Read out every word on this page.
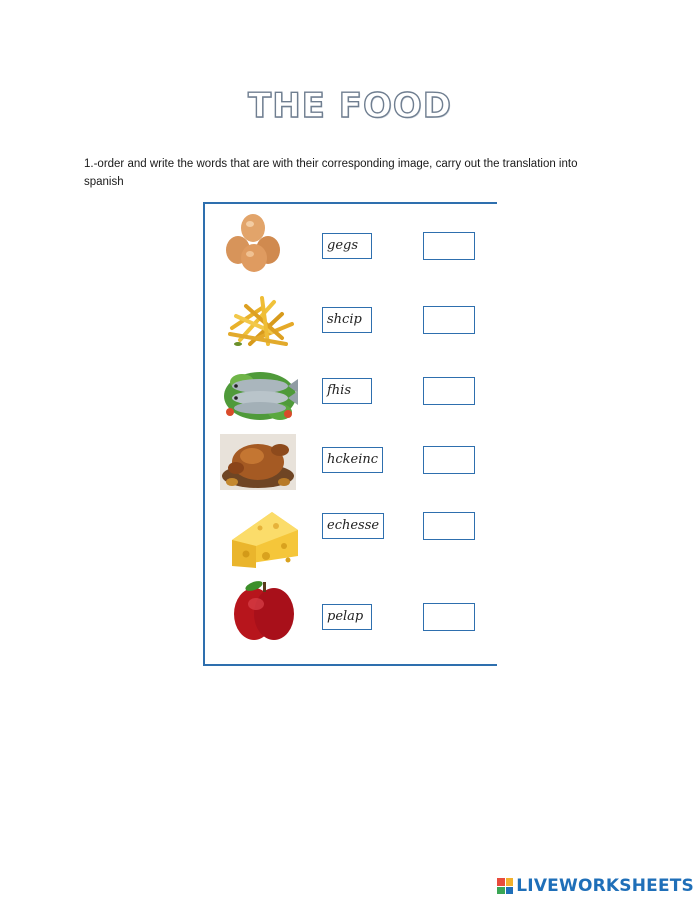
THE FOOD
1.-order and write the words that are with their corresponding image, carry out the translation into spanish
gegs
shcip
fhis
hckeinc
echesse
pelap
LIVEWORKSHEETS
